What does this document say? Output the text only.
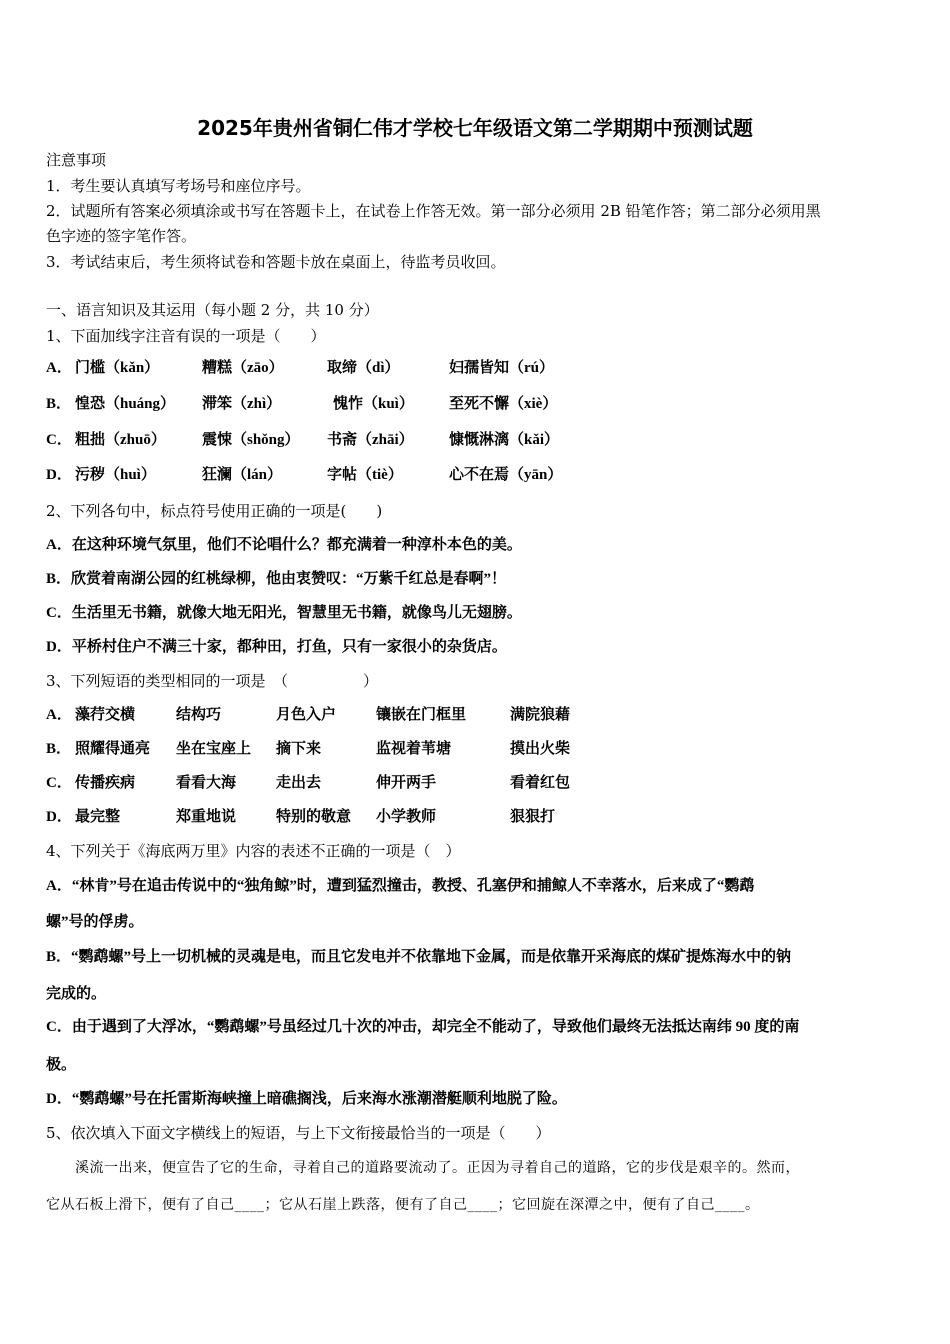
2025年贵州省铜仁伟才学校七年级语文第二学期期中预测试题
注意事项
1．考生要认真填写考场号和座位序号。
2．试题所有答案必须填涂或书写在答题卡上，在试卷上作答无效。第一部分必须用 2B 铅笔作答；第二部分必须用黑
色字迹的签字笔作答。
3．考试结束后，考生须将试卷和答题卡放在桌面上，待监考员收回。
一、语言知识及其运用（每小题 2 分，共 10 分）
1、下面加线字注音有误的一项是（　　）
A． 门槛（kǎn）	糟糕（zāo）	取缔（dì）	妇孺皆知（rú）
B． 惶恐（huáng） 滞笨（zhì）	愧怍（kuì） 至死不懈（xiè）
C． 粗拙（zhuō） 震悚（shǒng） 书斋（zhāi） 慷慨淋漓（kǎi）
D． 污秽（huì）	狂澜（lán）	字帖（tiè）	心不在焉（yān）
2、下列各句中，标点符号使用正确的一项是(　　)
A．在这种环境气氛里，他们不论唱什么？都充满着一种淳朴本色的美。
B．欣赏着南湖公园的红桃绿柳，他由衷赞叹：“万紫千红总是春啊”！
C．生活里无书籍，就像大地无阳光，智慧里无书籍，就像鸟儿无翅膀。
D．平桥村住户不满三十家，都种田，打鱼，只有一家很小的杂货店。
3、下列短语的类型相同的一项是　（　　　　　）
A． 藻荇交横	结构巧	月色入户	镶嵌在门框里	满院狼藉
B． 照耀得通亮 坐在宝座上 摘下来	监视着苇塘	摸出火柴
C． 传播疾病	看看大海	走出去	伸开两手	看着红包
D． 最完整	郑重地说	特别的敬意 小学教师	狠狠打
4、下列关于《海底两万里》内容的表述不正确的一项是（　）
A．“林肯”号在追击传说中的“独角鲸”时，遭到猛烈撞击，教授、孔塞伊和捕鲸人不幸落水，后来成了“鹦鹉
螺”号的俘虏。
B．“鹦鹉螺”号上一切机械的灵魂是电，而且它发电并不依靠地下金属，而是依靠开采海底的煤矿提炼海水中的钠
完成的。
C．由于遇到了大浮冰，“鹦鹉螺”号虽经过几十次的冲击，却完全不能动了，导致他们最终无法抵达南纬 90 度的南
极。
D．“鹦鹉螺”号在托雷斯海峡撞上暗礁搁浅，后来海水涨潮潜艇顺利地脱了险。
5、依次填入下面文字横线上的短语，与上下文衔接最恰当的一项是（　　）
　　溪流一出来，便宣告了它的生命，寻着自己的道路要流动了。正因为寻着自己的道路，它的步伐是艰辛的。然而，
它从石板上滑下，便有了自己____；它从石崖上跌落，便有了自己____；它回旋在深潭之中，便有了自己____。
